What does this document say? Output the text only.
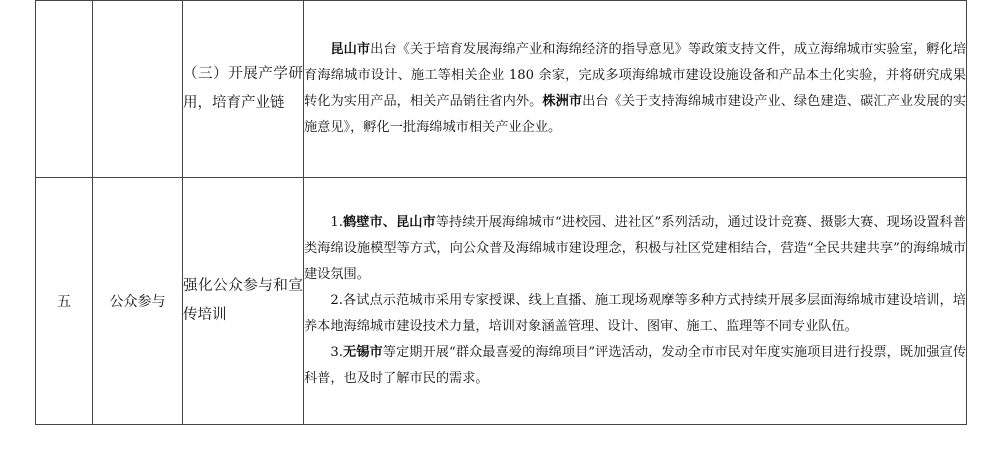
		（三）开展产学研用，培育产业链	昆山市出台《关于培育发展海绵产业和海绵经济的指导意见》等政策支持文件，成立海绵城市实验室，孵化培育海绵城市设计、施工等相关企业 180 余家，完成多项海绵城市建设设施设备和产品本土化实验，并将研究成果转化为实用产品，相关产品销往省内外。株洲市出台《关于支持海绵城市建设产业、绿色建造、碳汇产业发展的实施意见》，孵化一批海绵城市相关产业企业。

五	公众参与	强化公众参与和宣传培训	1.鹤壁市、昆山市等持续开展海绵城市“进校园、进社区”系列活动，通过设计竞赛、摄影大赛、现场设置科普类海绵设施模型等方式，向公众普及海绵城市建设理念，积极与社区党建相结合，营造“全民共建共享”的海绵城市建设氛围。

2.各试点示范城市采用专家授课、线上直播、施工现场观摩等多种方式持续开展多层面海绵城市建设培训，培养本地海绵城市建设技术力量，培训对象涵盖管理、设计、图审、施工、监理等不同专业队伍。

3.无锡市等定期开展“群众最喜爱的海绵项目”评选活动，发动全市市民对年度实施项目进行投票，既加强宣传科普，也及时了解市民的需求。
